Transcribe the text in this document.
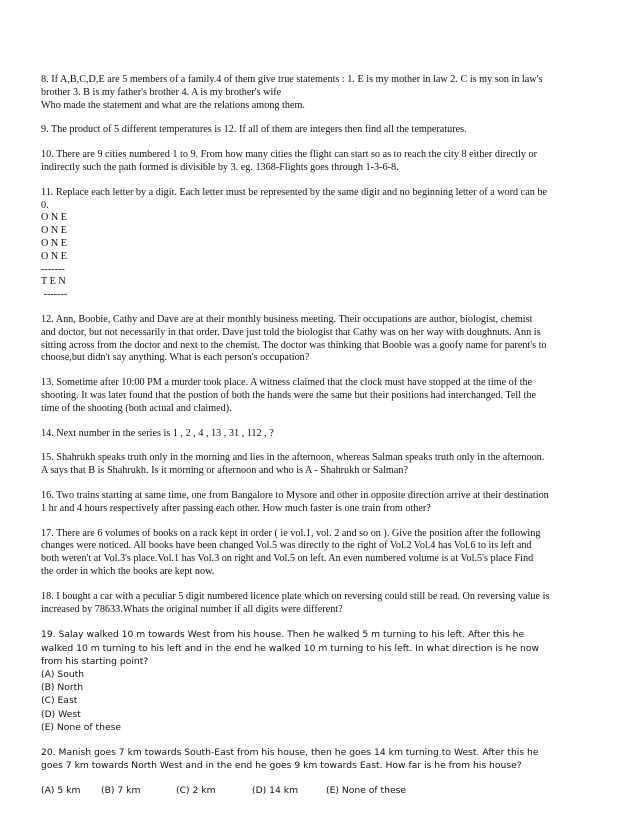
8. If A,B,C,D,E are 5 members of a family.4 of them give true statements : 1. E is my mother in law 2. C is my son in law's
brother 3. B is my father's brother 4. A is my brother's wife
Who made the statement and what are the relations among them.
9. The product of 5 different temperatures is 12. If all of them are integers then find all the temperatures.
10. There are 9 cities numbered 1 to 9. From how many cities the flight can start so as to reach the city 8 either directly or
indirectly such the path formed is divisible by 3. eg. 1368-Flights goes through 1-3-6-8.
11. Replace each letter by a digit. Each letter must be represented by the same digit and no beginning letter of a word can be
0.
O N E
O N E
O N E
O N E
-------
T E N
-------
12. Ann, Boobie, Cathy and Dave are at their monthly business meeting. Their occupations are author, biologist, chemist
and doctor, but not necessarily in that order. Dave just told the biologist that Cathy was on her way with doughnuts. Ann is
sitting across from the doctor and next to the chemist. The doctor was thinking that Boobie was a goofy name for parent's to
choose,but didn't say anything. What is each person's occupation?
13. Sometime after 10:00 PM a murder took place. A witness claimed that the clock must have stopped at the time of the
shooting. It was later found that the postion of both the hands were the same but their positions had interchanged. Tell the
time of the shooting (both actual and claimed).
14. Next number in the series is 1 , 2 , 4 , 13 , 31 , 112 , ?
15. Shahrukh speaks truth only in the morning and lies in the afternoon, whereas Salman speaks truth only in the afternoon.
A says that B is Shahrukh. Is it morning or afternoon and who is A - Shahrukh or Salman?
16. Two trains starting at same time, one from Bangalore to Mysore and other in opposite direction arrive at their destination
1 hr and 4 hours respectively after passing each other. How much faster is one train from other?
17. There are 6 volumes of books on a rack kept in order ( ie vol.1, vol. 2 and so on ). Give the position after the following
changes were noticed. All books have been changed Vol.5 was directly to the right of Vol.2 Vol.4 has Vol.6 to its left and
both weren't at Vol.3's place.Vol.1 has Vol.3 on right and Vol.5 on left. An even numbered volume is at Vol.5's place Find
the order in which the books are kept now.
18. I bought a car with a peculiar 5 digit numbered licence plate which on reversing could still be read. On reversing value is
increased by 78633.Whats the original number if all digits were different?
19. Salay walked 10 m towards West from his house. Then he walked 5 m turning to his left. After this he
walked 10 m turning to his left and in the end he walked 10 m turning to his left. In what direction is he now
from his starting point?
(A) South
(B) North
(C) East
(D) West
(E) None of these
20. Manish goes 7 km towards South-East from his house, then he goes 14 km turning to West. After this he
goes 7 km towards North West and in the end he goes 9 km towards East. How far is he from his house?
(A) 5 km	(B) 7 km	(C) 2 km	(D) 14 km	(E) None of these
